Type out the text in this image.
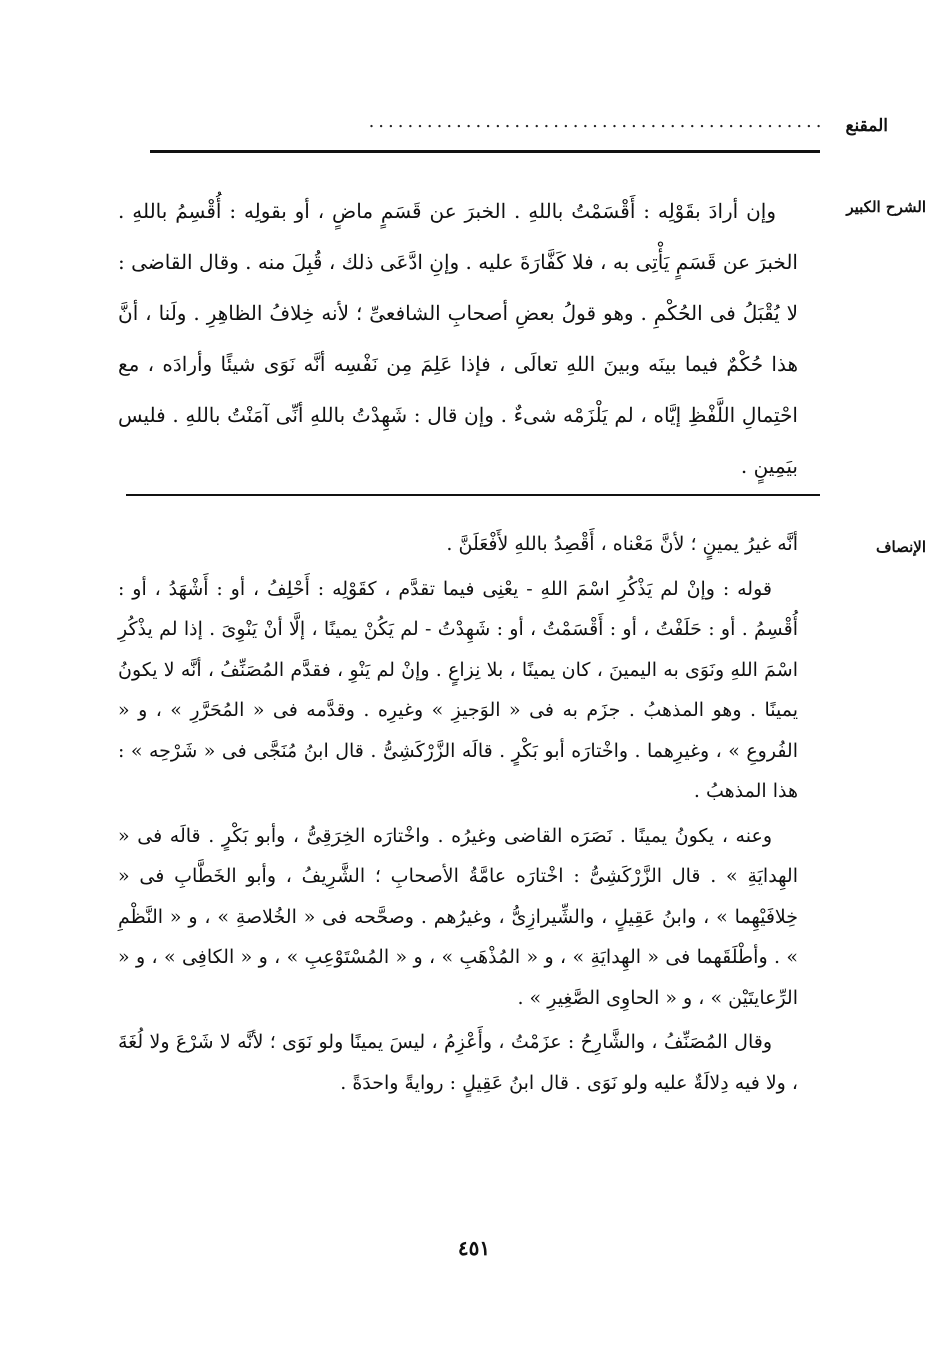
المقنع
...............................................
الشرح الكبير

وإن أرادَ بقَوْلِه : أَقْسَمْتُ باللهِ . الخبرَ عن قَسَمٍ ماضٍ ، أو بقولِه : أُقْسِمُ باللهِ . الخبرَ عن قَسَمٍ يَأْتِى به ، فلا كَفَّارَةَ عليه . وإنِ ادَّعَى ذلك ، قُبِلَ منه . وقال القاضى : لا يُقْبَلُ فى الحُكْمِ . وهو قولُ بعضِ أصحابِ الشافعىِّ ؛ لأنه خِلافُ الظاهِرِ . ولَنا ، أنَّ هذا حُكْمٌ فيما بينَه وبينَ اللهِ تعالَى ، فإذا عَلِمَ مِن نَفْسِه أنَّه نَوَى شيئًا وأرادَه ، مع احْتِمالِ اللَّفْظِ إيَّاه ، لم يَلْزَمْه شىءٌ . وإن قال : شَهِدْتُ باللهِ أنِّى آمَنْتُ باللهِ . فليس بيَمِينٍ .

الإنصاف

أنَّه غيرُ يمينٍ ؛ لأنَّ مَعْناه ، أَقْصِدُ باللهِ لأَفْعَلَنَّ .

قوله : وإنْ لم يَذْكُرِ اسْمَ اللهِ - يعْنِى فيما تقدَّم ، كقَوْلِه : أَحْلِفُ ، أو : أَشْهَدُ ، أو : أُقْسِمُ . أو : حَلَفْتُ ، أو : أَقْسَمْتُ ، أو : شَهِدْتُ - لم يَكُنْ يمينًا ، إلَّا أنْ يَنْوِىَ . إذا لم يذْكُرِ اسْمَ اللهِ ونَوَى به اليمينَ ، كان يمينًا ، بلا نِزاعٍ . وإنْ لم يَنْوِ ، فقدَّم المُصَنِّفُ ، أنَّه لا يكونُ يمينًا . وهو المذهبُ . جزَم به فى « الوَجيزِ » وغيرِه . وقدَّمه فى « المُحَرَّرِ » ، و « الفُروعِ » ، وغيرِهما . واخْتارَه أبو بَكْرٍ . قالَه الزَّرْكَشِىُّ . قال ابنُ مُنَجَّى فى « شَرْحِه » : هذا المذهبُ .

وعنه ، يكونُ يمينًا . نَصَرَه القاضى وغيرُه . واخْتارَه الخِرَقِىُّ ، وأبو بَكْرٍ . قالَه فى « الهِدايَةِ » . قال الزَّرْكَشِىُّ : اخْتارَه عامَّةُ الأصحابِ ؛ الشَّرِيفُ ، وأبو الخَطَّابِ فى « خِلافَيْهِما » ، وابنُ عَقِيلٍ ، والشِّيرازِىُّ ، وغيرُهم . وصحَّحه فى « الخُلاصةِ » ، و « النَّظْمِ » . وأطْلَقَهما فى « الهِدايَةِ » ، و « المُذْهَبِ » ، و « المُسْتَوْعِبِ » ، و « الكافِى » ، و « الرِّعايتَيْن » ، و « الحاوِى الصَّغِيرِ » .

وقال المُصَنِّفُ ، والشَّارِحُ : عزَمْتُ ، وأَعْزِمُ ، ليسَ يمينًا ولو نَوَى ؛ لأنَّه لا شَرْعَ ولا لُغَةَ ، ولا فيه دِلالَةٌ عليه ولو نَوَى . قال ابنُ عَقِيلٍ : روايةً واحدَةً .

٤٥١
